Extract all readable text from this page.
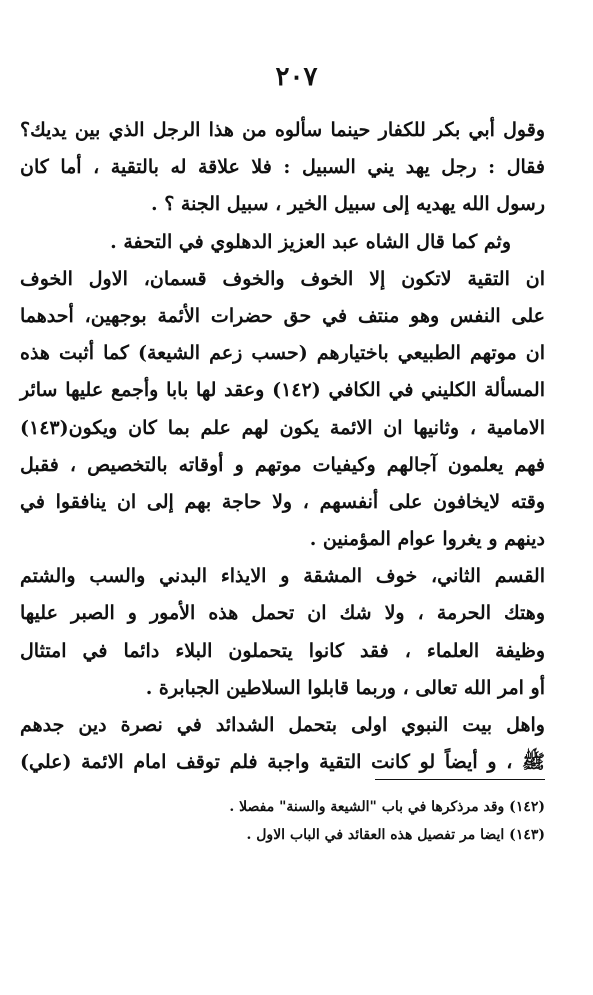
٢٠٧
وقول أبي بكر للكفار حينما سألوه من هذا الرجل الذي بين يديك؟
فقال : رجل يهد يني السبيل : فلا علاقة له بالتقية ، أما كان
رسول الله يهديه إلى سبيل الخير ، سبيل الجنة ؟ .
وثم كما قال الشاه عبد العزيز الدهلوي في التحفة .
ان التقية لاتكون إلا الخوف والخوف قسمان، الاول الخوف
على النفس وهو منتف في حق حضرات الأئمة بوجهين، أحدهما
ان موتهم الطبيعي باختيارهم (حسب زعم الشيعة) كما أثبت هذه
المسألة الكليني في الكافي (١٤٢) وعقد لها بابا وأجمع عليها سائر
الامامية ، وثانيها ان الائمة يكون لهم علم بما كان ويكون(١٤٣)
فهم يعلمون آجالهم وكيفيات موتهم و أوقاته بالتخصيص ، فقبل
وقته لايخافون على أنفسهم ، ولا حاجة بهم إلى ان ينافقوا في
دينهم و يغروا عوام المؤمنين .
القسم الثاني، خوف المشقة و الايذاء البدني والسب والشتم
وهتك الحرمة ، ولا شك ان تحمل هذه الأمور و الصبر عليها
وظيفة العلماء ، فقد كانوا يتحملون البلاء دائما في امتثال
أو امر الله تعالى ، وربما قابلوا السلاطين الجبابرة .
واهل بيت النبوي اولى بتحمل الشدائد في نصرة دين جدهم
ﷺ ، و أيضاً لو كانت التقية واجبة فلم توقف امام الائمة (علي)
(١٤٢) وقد مرذكرها في باب "الشيعة والسنة" مفصلا .
(١٤٣) ايضا مر تفصيل هذه العقائد في الباب الاول .
